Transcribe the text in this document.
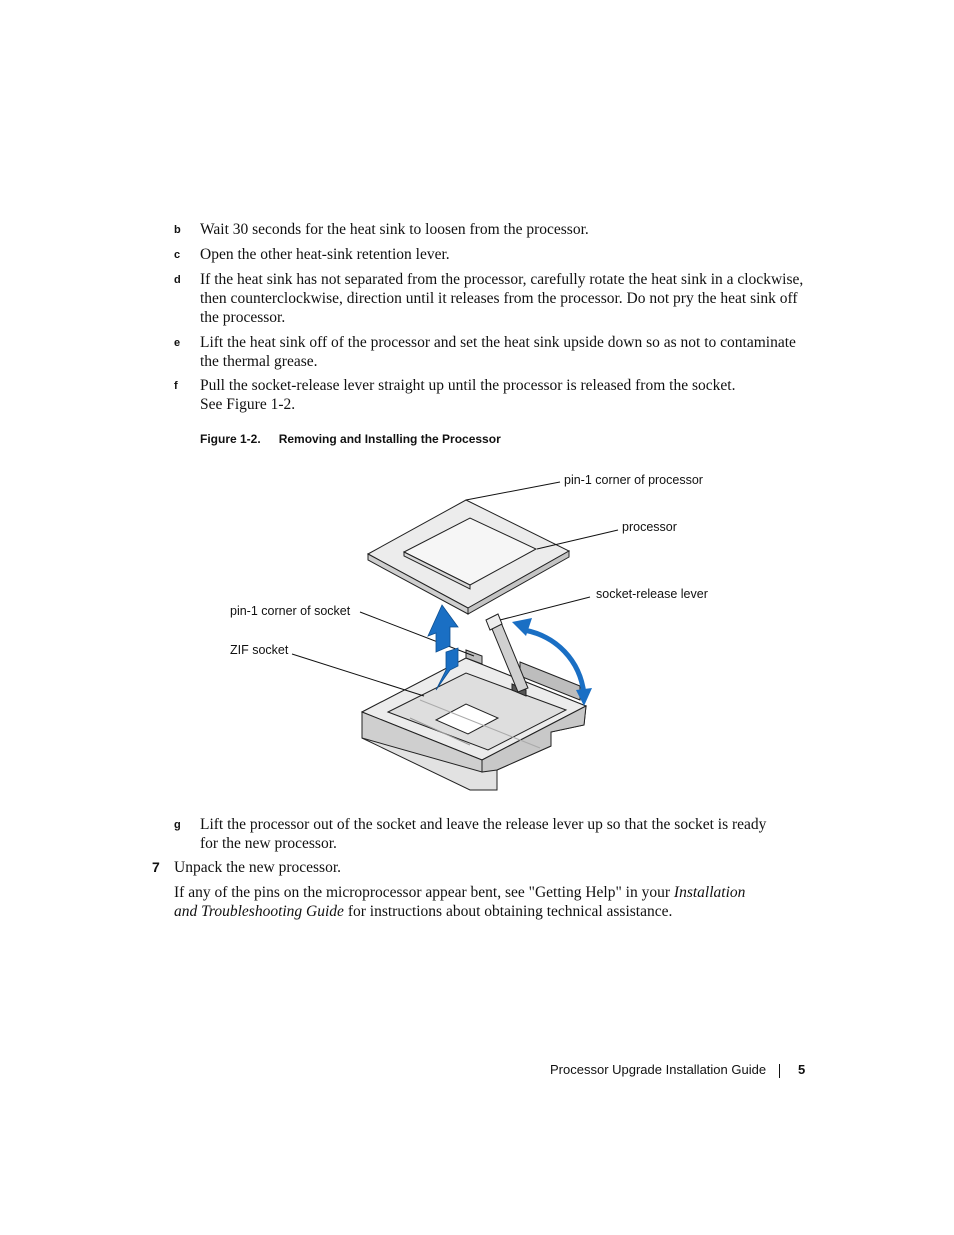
b Wait 30 seconds for the heat sink to loosen from the processor.
c Open the other heat-sink retention lever.
d If the heat sink has not separated from the processor, carefully rotate the heat sink in a clockwise, then counterclockwise, direction until it releases from the processor. Do not pry the heat sink off the processor.
e Lift the heat sink off of the processor and set the heat sink upside down so as not to contaminate the thermal grease.
f Pull the socket-release lever straight up until the processor is released from the socket.
See Figure 1-2.
Figure 1-2. Removing and Installing the Processor
pin-1 corner of processor
processor
socket-release lever
pin-1 corner of socket
ZIF socket
g Lift the processor out of the socket and leave the release lever up so that the socket is ready for the new processor.
7 Unpack the new processor.
If any of the pins on the microprocessor appear bent, see "Getting Help" in your Installation and Troubleshooting Guide for instructions about obtaining technical assistance.
Processor Upgrade Installation Guide 5
